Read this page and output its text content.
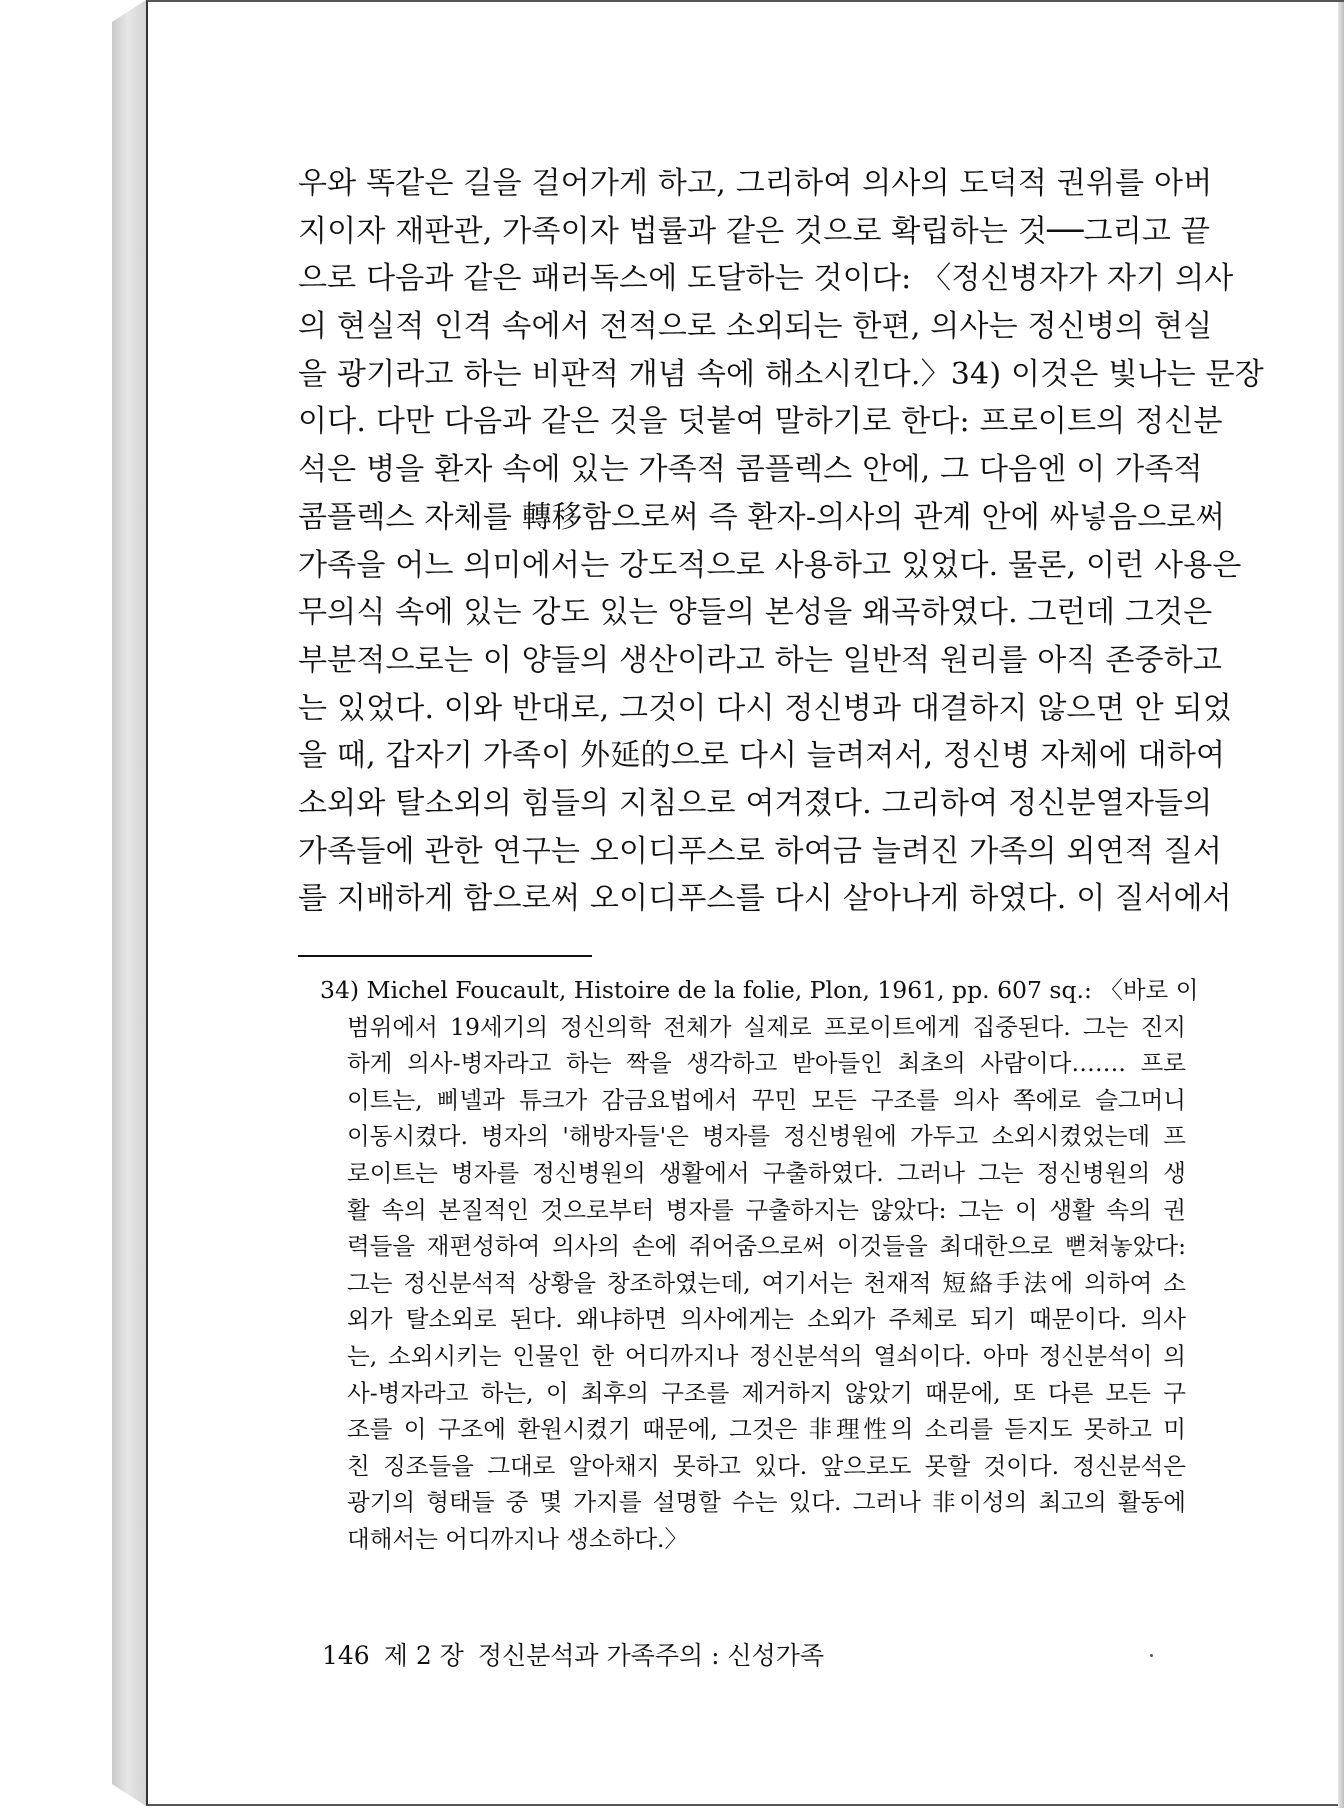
우와 똑같은 길을 걸어가게 하고, 그리하여 의사의 도덕적 권위를 아버
지이자 재판관, 가족이자 법률과 같은 것으로 확립하는 것──그리고 끝
으로 다음과 같은 패러독스에 도달하는 것이다: 〈정신병자가 자기 의사
의 현실적 인격 속에서 전적으로 소외되는 한편, 의사는 정신병의 현실
을 광기라고 하는 비판적 개념 속에 해소시킨다.〉34) 이것은 빛나는 문장
이다. 다만 다음과 같은 것을 덧붙여 말하기로 한다: 프로이트의 정신분
석은 병을 환자 속에 있는 가족적 콤플렉스 안에, 그 다음엔 이 가족적
콤플렉스 자체를 轉移함으로써 즉 환자-의사의 관계 안에 싸넣음으로써
가족을 어느 의미에서는 강도적으로 사용하고 있었다. 물론, 이런 사용은
무의식 속에 있는 강도 있는 양들의 본성을 왜곡하였다. 그런데 그것은
부분적으로는 이 양들의 생산이라고 하는 일반적 원리를 아직 존중하고
는 있었다. 이와 반대로, 그것이 다시 정신병과 대결하지 않으면 안 되었
을 때, 갑자기 가족이 外延的으로 다시 늘려져서, 정신병 자체에 대하여
소외와 탈소외의 힘들의 지침으로 여겨졌다. 그리하여 정신분열자들의
가족들에 관한 연구는 오이디푸스로 하여금 늘려진 가족의 외연적 질서
를 지배하게 함으로써 오이디푸스를 다시 살아나게 하였다. 이 질서에서
34) Michel Foucault, Histoire de la folie, Plon, 1961, pp. 607 sq.: 〈바로 이
범위에서 19세기의 정신의학 전체가 실제로 프로이트에게 집중된다. 그는 진지
하게 의사-병자라고 하는 짝을 생각하고 받아들인 최초의 사람이다……. 프로
이트는, 삐넬과 튜크가 감금요법에서 꾸민 모든 구조를 의사 쪽에로 슬그머니
이동시켰다. 병자의 '해방자들'은 병자를 정신병원에 가두고 소외시켰었는데 프
로이트는 병자를 정신병원의 생활에서 구출하였다. 그러나 그는 정신병원의 생
활 속의 본질적인 것으로부터 병자를 구출하지는 않았다: 그는 이 생활 속의 권
력들을 재편성하여 의사의 손에 쥐어줌으로써 이것들을 최대한으로 뻗쳐놓았다:
그는 정신분석적 상황을 창조하였는데, 여기서는 천재적 短絡手法에 의하여 소
외가 탈소외로 된다. 왜냐하면 의사에게는 소외가 주체로 되기 때문이다. 의사
는, 소외시키는 인물인 한 어디까지나 정신분석의 열쇠이다. 아마 정신분석이 의
사-병자라고 하는, 이 최후의 구조를 제거하지 않았기 때문에, 또 다른 모든 구
조를 이 구조에 환원시켰기 때문에, 그것은 非理性의 소리를 듣지도 못하고 미
친 징조들을 그대로 알아채지 못하고 있다. 앞으로도 못할 것이다. 정신분석은
광기의 형태들 중 몇 가지를 설명할 수는 있다. 그러나 非이성의 최고의 활동에
대해서는 어디까지나 생소하다.〉
146 제 2 장 정신분석과 가족주의 : 신성가족
